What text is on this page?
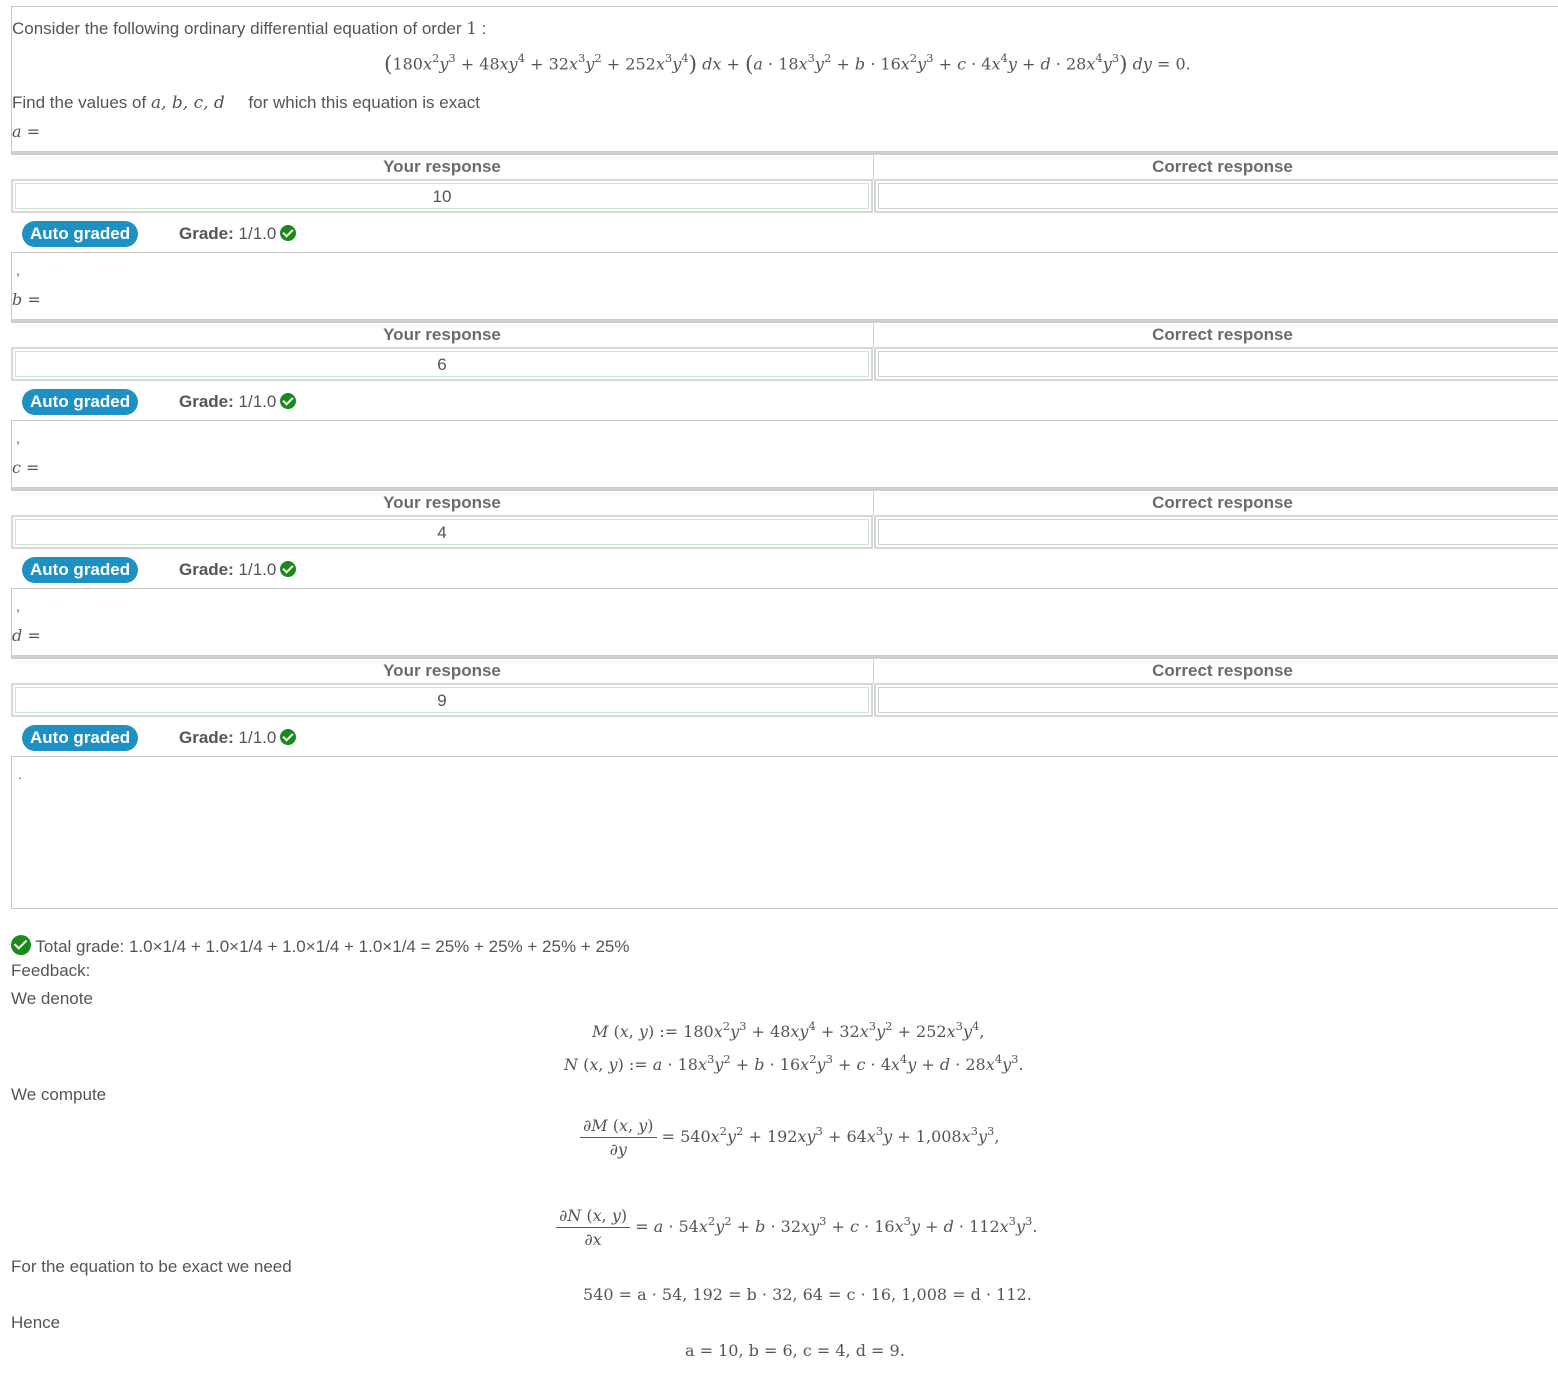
Consider the following ordinary differential equation of order 1 :
$(180x^2y^3 + 48xy^4 + 32x^3y^2 + 252x^3y^4)$ dx + $(a \cdot 18x^3y^2 + b \cdot 16x^2y^3 + c \cdot 4x^4y + d \cdot 28x^4y^3)$ dy = 0.
Find the values of a, b, c, d for which this equation is exact
a =
Your response	Correct response
10
Auto graded	Grade: 1/1.0
,
b =
Your response	Correct response
6
Auto graded	Grade: 1/1.0
,
c =
Your response	Correct response
4
Auto graded	Grade: 1/1.0
,
d =
Your response	Correct response
9
Auto graded	Grade: 1/1.0
.
Total grade: 1.0×1/4 + 1.0×1/4 + 1.0×1/4 + 1.0×1/4 = 25% + 25% + 25% + 25%
Feedback:
We denote
M (x, y) := $180x^2y^3 + 48xy^4 + 32x^3y^2 + 252x^3y^4$,
N (x, y) := $a \cdot 18x^3y^2 + b \cdot 16x^2y^3 + c \cdot 4x^4y + d \cdot 28x^4y^3$.
We compute
$\frac{\partial M (x, y)}{\partial y} = 540x^2y^2 + 192xy^3 + 64x^3y + 1,008x^3y^3$,
$\frac{\partial N (x, y)}{\partial x} = a \cdot 54x^2y^2 + b \cdot 32xy^3 + c \cdot 16x^3y + d \cdot 112x^3y^3$.
For the equation to be exact we need
540 = a · 54, 192 = b · 32, 64 = c · 16, 1,008 = d · 112.
Hence
a = 10, b = 6, c = 4, d = 9.
